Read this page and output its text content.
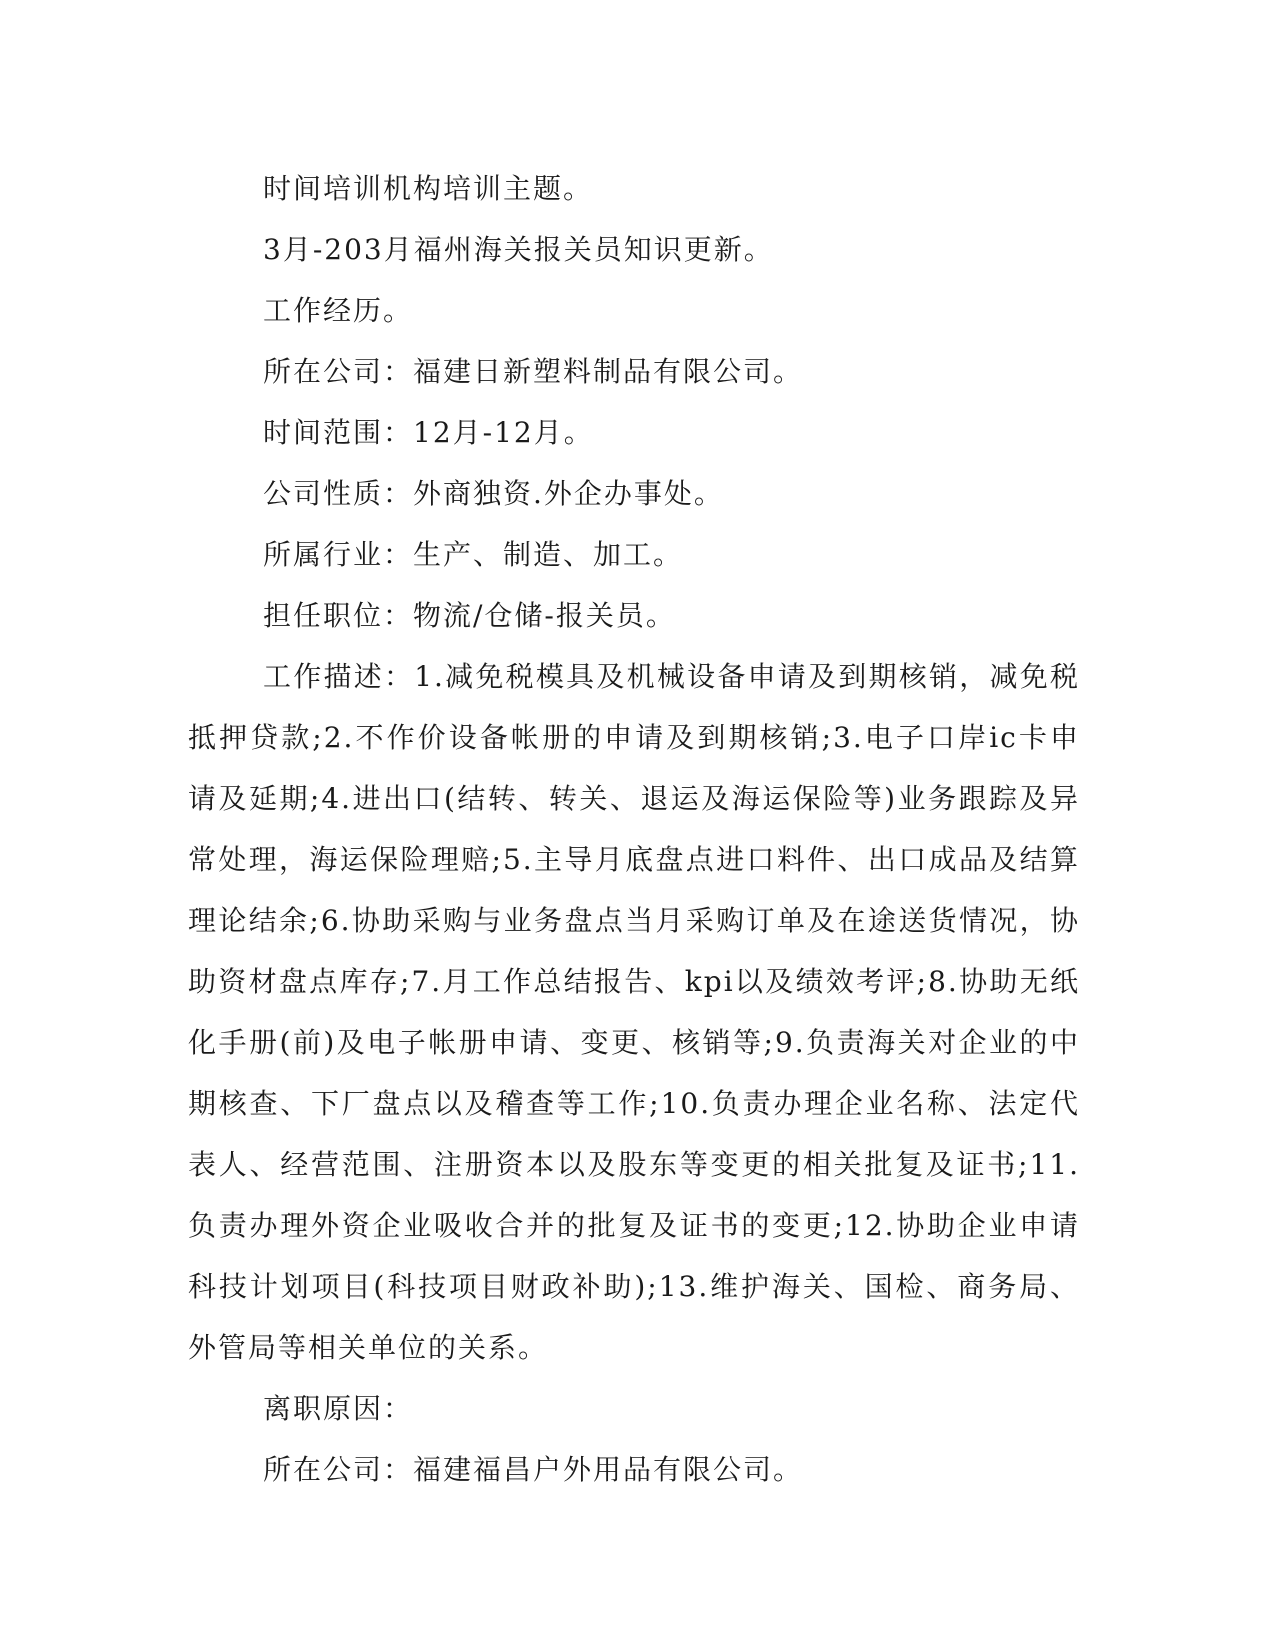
时间培训机构培训主题。

3月-203月福州海关报关员知识更新。

工作经历。

所在公司：福建日新塑料制品有限公司。

时间范围：12月-12月。

公司性质：外商独资.外企办事处。

所属行业：生产、制造、加工。

担任职位：物流/仓储-报关员。

工作描述：1.减免税模具及机械设备申请及到期核销，减免税抵押贷款;2.不作价设备帐册的申请及到期核销;3.电子口岸ic卡申请及延期;4.进出口(结转、转关、退运及海运保险等)业务跟踪及异常处理，海运保险理赔;5.主导月底盘点进口料件、出口成品及结算理论结余;6.协助采购与业务盘点当月采购订单及在途送货情况，协助资材盘点库存;7.月工作总结报告、kpi以及绩效考评;8.协助无纸化手册(前)及电子帐册申请、变更、核销等;9.负责海关对企业的中期核查、下厂盘点以及稽查等工作;10.负责办理企业名称、法定代表人、经营范围、注册资本以及股东等变更的相关批复及证书;11.负责办理外资企业吸收合并的批复及证书的变更;12.协助企业申请科技计划项目(科技项目财政补助);13.维护海关、国检、商务局、外管局等相关单位的关系。

离职原因：

所在公司：福建福昌户外用品有限公司。
